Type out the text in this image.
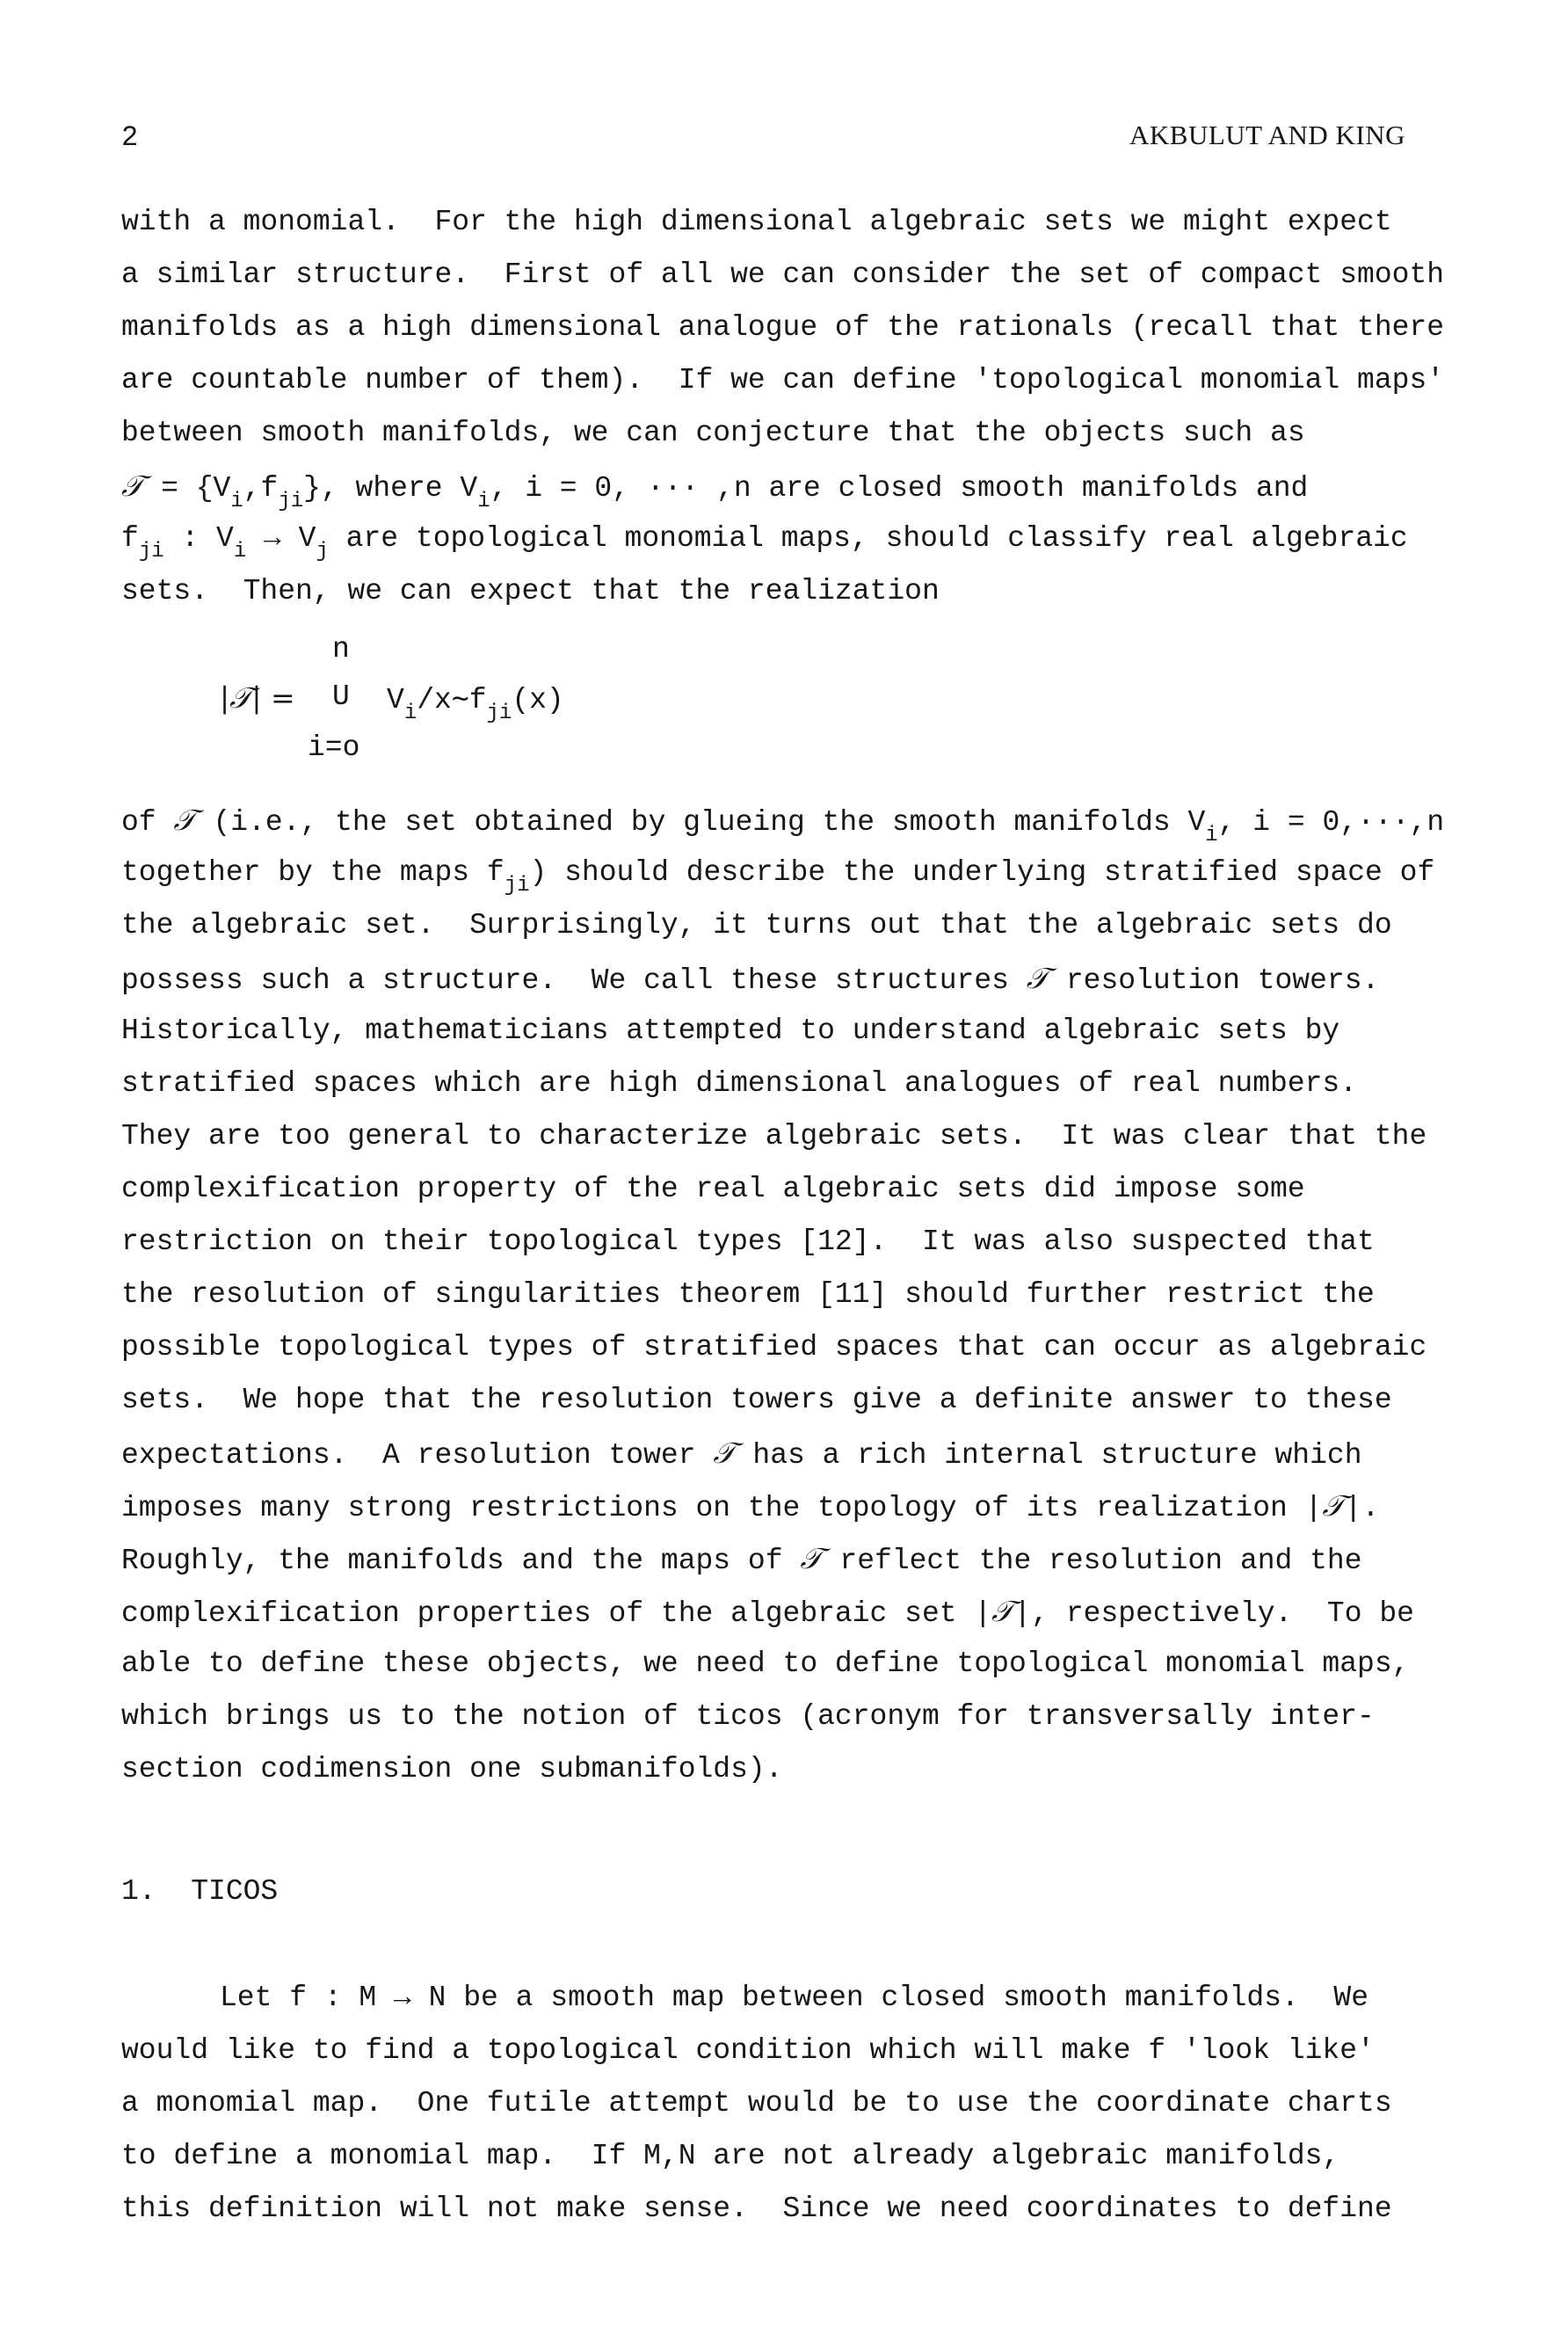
2	AKBULUT AND KING
with a monomial.  For the high dimensional algebraic sets we might expect
a similar structure.  First of all we can consider the set of compact smooth
manifolds as a high dimensional analogue of the rationals (recall that there
are countable number of them).  If we can define 'topological monomial maps'
between smooth manifolds, we can conjecture that the objects such as
𝒯 = $\{V_i,f_{ji}\}$, where $V_i$, i = 0, ··· ,n are closed smooth manifolds and
$f_{ji}$ : $V_i \to V_j$ are topological monomial maps, should classify real algebraic
sets.  Then, we can expect that the realization
|𝒯| =
n
U
i=o
$V_i/x\sim f_{ji}(x)$
of 𝒯 (i.e., the set obtained by glueing the smooth manifolds $V_i$, i = 0,···,n
together by the maps $f_{ji}$) should describe the underlying stratified space of
the algebraic set.  Surprisingly, it turns out that the algebraic sets do
possess such a structure.  We call these structures 𝒯 resolution towers.
Historically, mathematicians attempted to understand algebraic sets by
stratified spaces which are high dimensional analogues of real numbers.
They are too general to characterize algebraic sets.  It was clear that the
complexification property of the real algebraic sets did impose some
restriction on their topological types [12].  It was also suspected that
the resolution of singularities theorem [11] should further restrict the
possible topological types of stratified spaces that can occur as algebraic
sets.  We hope that the resolution towers give a definite answer to these
expectations.  A resolution tower 𝒯 has a rich internal structure which
imposes many strong restrictions on the topology of its realization |𝒯|.
Roughly, the manifolds and the maps of 𝒯 reflect the resolution and the
complexification properties of the algebraic set |𝒯|, respectively.  To be
able to define these objects, we need to define topological monomial maps,
which brings us to the notion of ticos (acronym for transversally inter-
section codimension one submanifolds).
1.  TICOS
Let f : M → N be a smooth map between closed smooth manifolds.  We
would like to find a topological condition which will make f 'look like'
a monomial map.  One futile attempt would be to use the coordinate charts
to define a monomial map.  If M,N are not already algebraic manifolds,
this definition will not make sense.  Since we need coordinates to define
